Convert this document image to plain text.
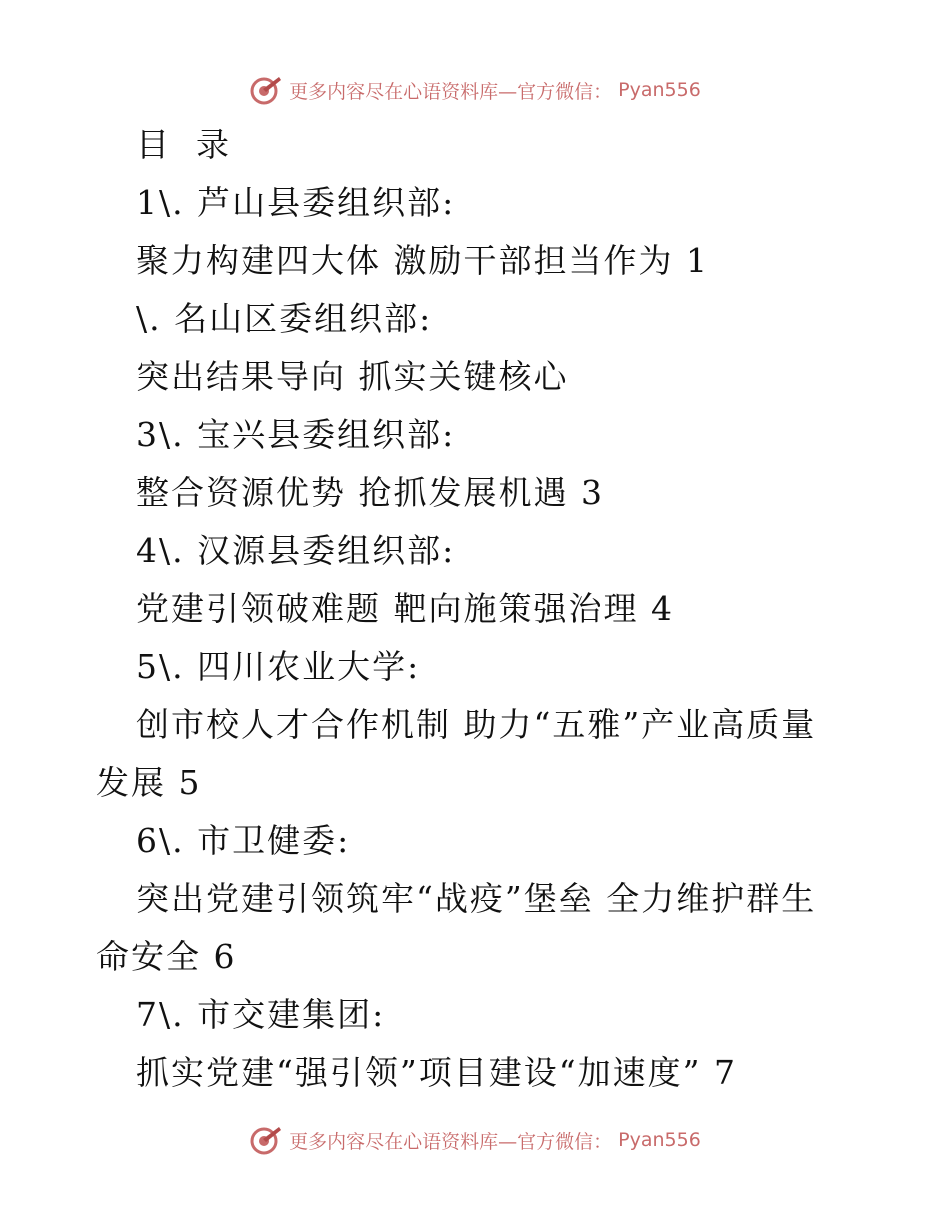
更多内容尽在心语资料库—官方微信： Pyan556
目  录
1\. 芦山县委组织部:
聚力构建四大体 激励干部担当作为 1
\. 名山区委组织部:
突出结果导向 抓实关键核心
3\. 宝兴县委组织部:
整合资源优势 抢抓发展机遇 3
4\. 汉源县委组织部:
党建引领破难题 靶向施策强治理 4
5\. 四川农业大学:
创市校人才合作机制 助力“五雅”产业高质量
发展 5
6\. 市卫健委:
突出党建引领筑牢“战疫”堡垒 全力维护群生
命安全 6
7\. 市交建集团:
抓实党建“强引领”项目建设“加速度” 7
更多内容尽在心语资料库—官方微信： Pyan556
